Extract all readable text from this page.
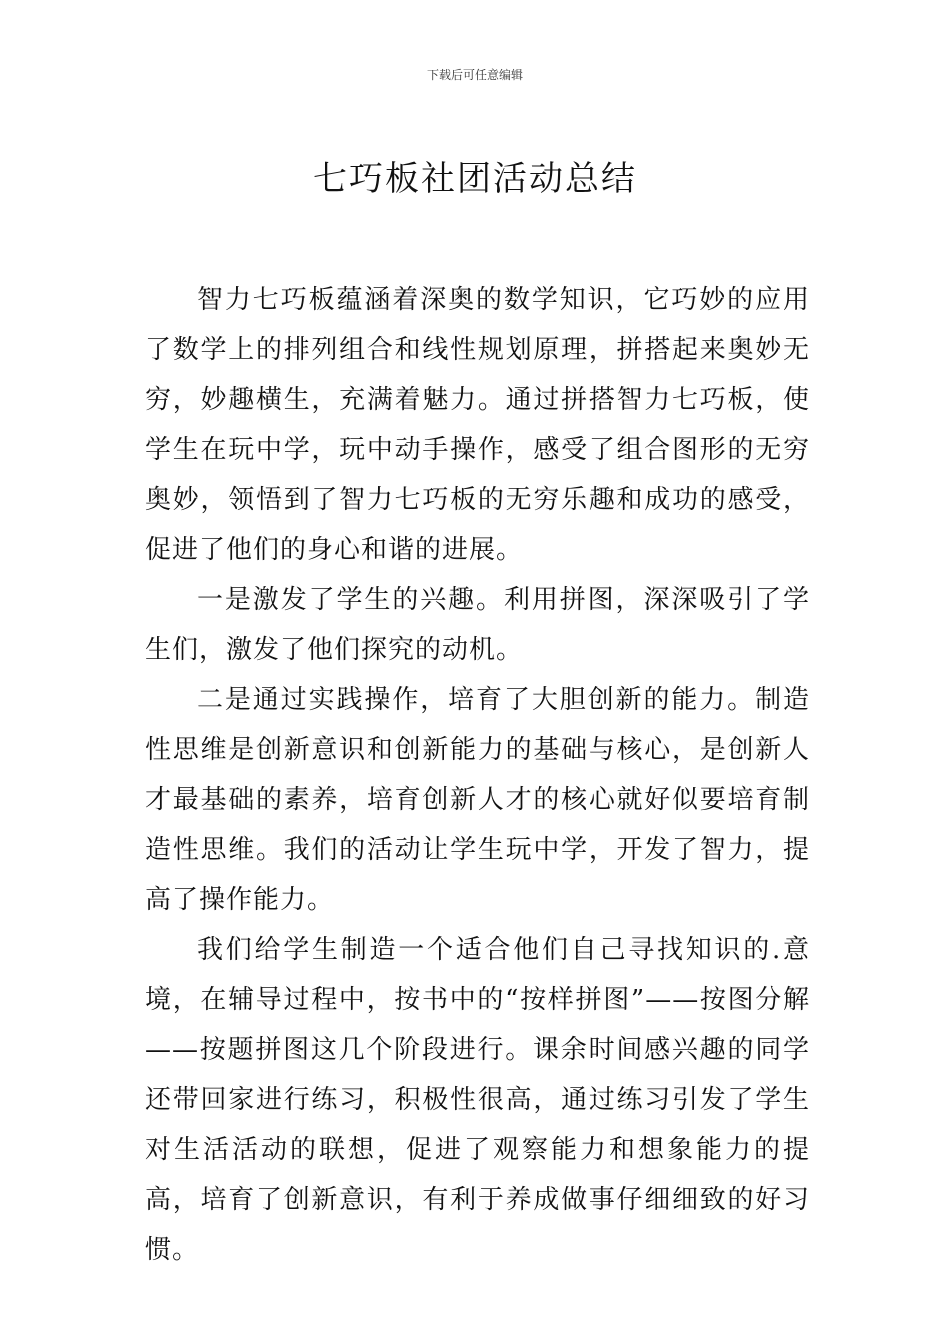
下载后可任意编辑
七巧板社团活动总结

智力七巧板蕴涵着深奥的数学知识，它巧妙的应用了数学上的排列组合和线性规划原理，拼搭起来奥妙无穷，妙趣横生，充满着魅力。通过拼搭智力七巧板，使学生在玩中学，玩中动手操作，感受了组合图形的无穷奥妙，领悟到了智力七巧板的无穷乐趣和成功的感受，促进了他们的身心和谐的进展。

一是激发了学生的兴趣。利用拼图，深深吸引了学生们，激发了他们探究的动机。

二是通过实践操作，培育了大胆创新的能力。制造性思维是创新意识和创新能力的基础与核心，是创新人才最基础的素养，培育创新人才的核心就好似要培育制造性思维。我们的活动让学生玩中学，开发了智力，提高了操作能力。

我们给学生制造一个适合他们自己寻找知识的.意境，在辅导过程中，按书中的“按样拼图”——按图分解——按题拼图这几个阶段进行。课余时间感兴趣的同学还带回家进行练习，积极性很高，通过练习引发了学生对生活活动的联想，促进了观察能力和想象能力的提高，培育了创新意识，有利于养成做事仔细细致的好习惯。
